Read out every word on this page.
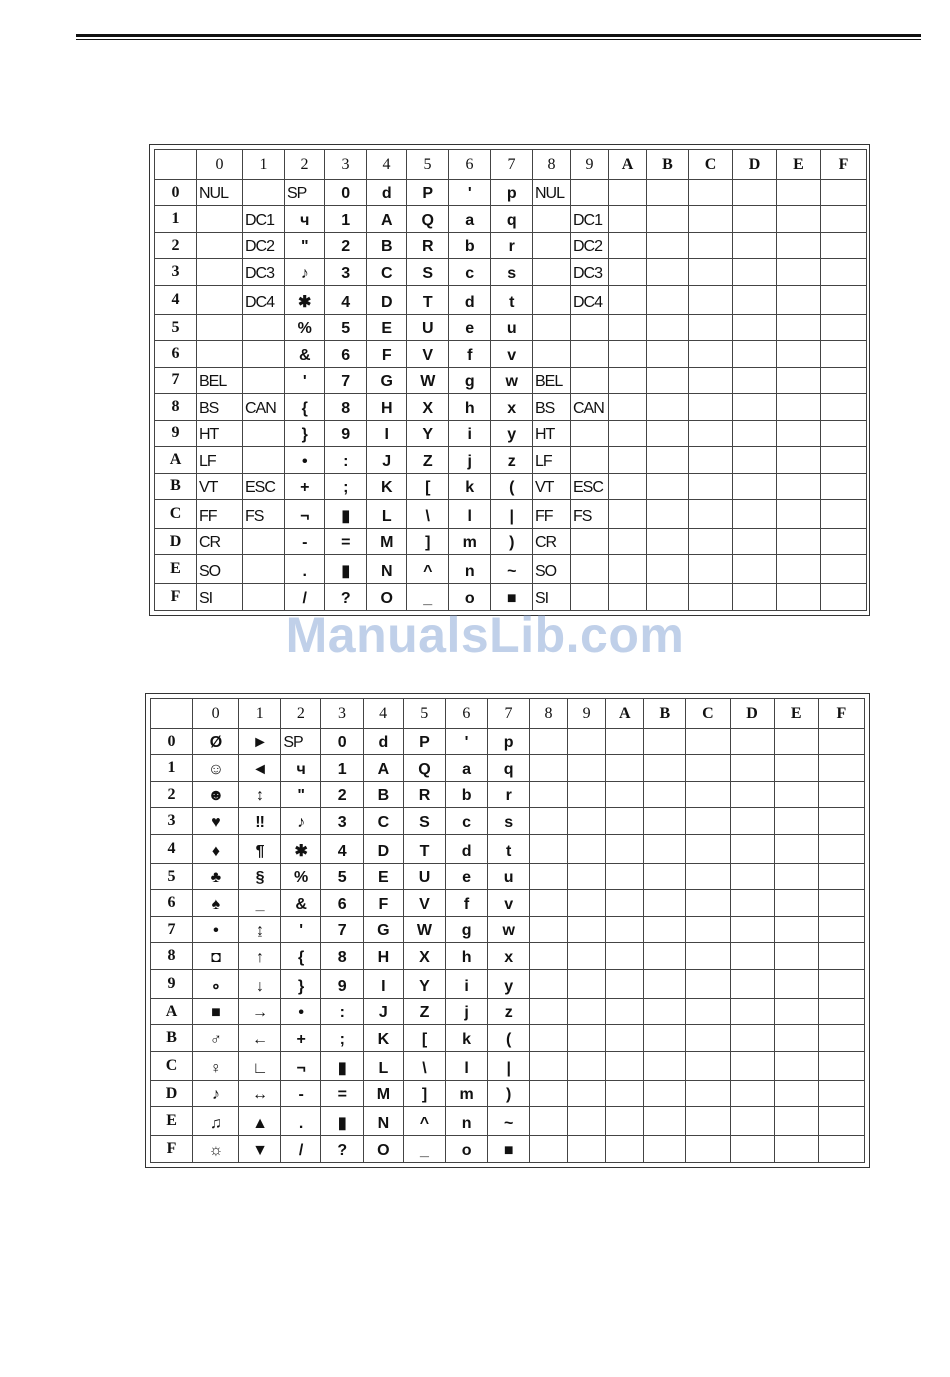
	0	1	2	3	4	5	6	7	8	9	A	B	C	D	E	F
0	NUL		SP	0	d	P	'	p	NUL							
1		DC1	ч	1	A	Q	a	q		DC1						
2		DC2	"	2	B	R	b	r		DC2						
3		DC3	♪	3	C	S	c	s		DC3						
4		DC4	✱	4	D	T	d	t		DC4						
5			%	5	E	U	e	u								
6			&	6	F	V	f	v								
7	BEL		'	7	G	W	g	w	BEL							
8	BS	CAN	{	8	H	X	h	x	BS	CAN						
9	HT		}	9	I	Y	i	y	HT							
A	LF		•	:	J	Z	j	z	LF							
B	VT	ESC	+	;	K	[	k	(	VT	ESC						
C	FF	FS	¬	▮	L	\	l	|	FF	FS						
D	CR		-	=	M	]	m	)	CR							
E	SO		.	▮	N	^	n	~	SO							
F	SI		/	?	O	_	o	■	SI							
ManualsLib.com
	0	1	2	3	4	5	6	7	8	9	A	B	C	D	E	F
0	Ø	►	SP	0	d	P	'	p								
1	☺	◄	ч	1	A	Q	a	q								
2	☻	↕	"	2	B	R	b	r								
3	♥	‼	♪	3	C	S	c	s								
4	♦	¶	✱	4	D	T	d	t								
5	♣	§	%	5	E	U	e	u								
6	♠	_	&	6	F	V	f	v								
7	•	↨	'	7	G	W	g	w								
8	◘	↑	{	8	H	X	h	x								
9	∘	↓	}	9	I	Y	i	y								
A	■	→	•	:	J	Z	j	z								
B	♂	←	+	;	K	[	k	(								
C	♀	∟	¬	▮	L	\	l	|								
D	♪	↔	-	=	M	]	m	)								
E	♫	▲	.	▮	N	^	n	~								
F	☼	▼	/	?	O	_	o	■								
